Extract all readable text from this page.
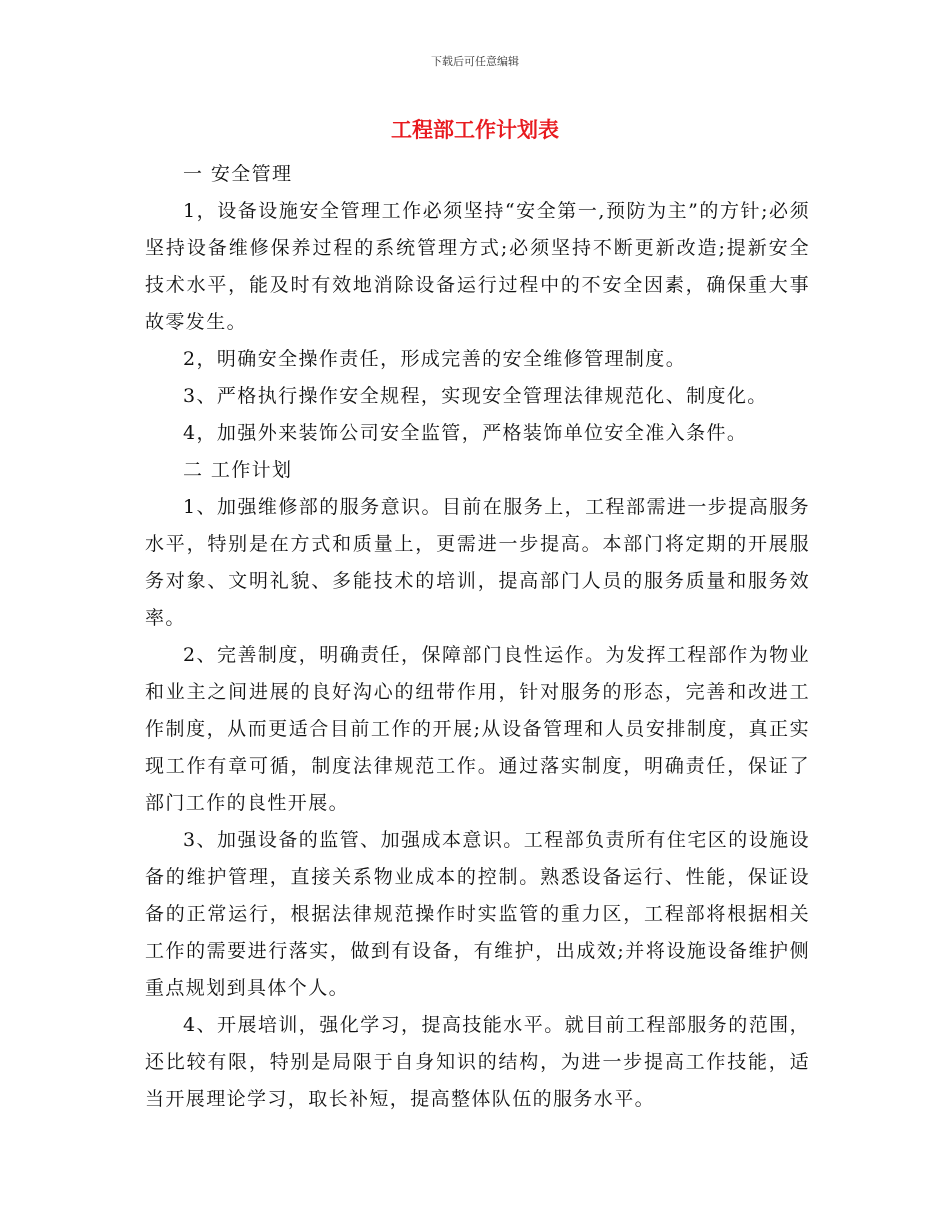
下载后可任意编辑
工程部工作计划表

一 安全管理

1，设备设施安全管理工作必须坚持“安全第一,预防为主”的方针;必须坚持设备维修保养过程的系统管理方式;必须坚持不断更新改造;提新安全技术水平，能及时有效地消除设备运行过程中的不安全因素，确保重大事故零发生。

2，明确安全操作责任，形成完善的安全维修管理制度。

3、严格执行操作安全规程，实现安全管理法律规范化、制度化。

4，加强外来装饰公司安全监管，严格装饰单位安全准入条件。

二 工作计划

1、加强维修部的服务意识。目前在服务上，工程部需进一步提高服务水平，特别是在方式和质量上，更需进一步提高。本部门将定期的开展服务对象、文明礼貌、多能技术的培训，提高部门人员的服务质量和服务效率。

2、完善制度，明确责任，保障部门良性运作。为发挥工程部作为物业和业主之间进展的良好沟心的纽带作用，针对服务的形态，完善和改进工作制度，从而更适合目前工作的开展;从设备管理和人员安排制度，真正实现工作有章可循，制度法律规范工作。通过落实制度，明确责任，保证了部门工作的良性开展。

3、加强设备的监管、加强成本意识。工程部负责所有住宅区的设施设备的维护管理，直接关系物业成本的控制。熟悉设备运行、性能，保证设备的正常运行，根据法律规范操作时实监管的重力区，工程部将根据相关工作的需要进行落实，做到有设备，有维护，出成效;并将设施设备维护侧重点规划到具体个人。

4、开展培训，强化学习，提高技能水平。就目前工程部服务的范围，还比较有限，特别是局限于自身知识的结构，为进一步提高工作技能，适当开展理论学习，取长补短，提高整体队伍的服务水平。
